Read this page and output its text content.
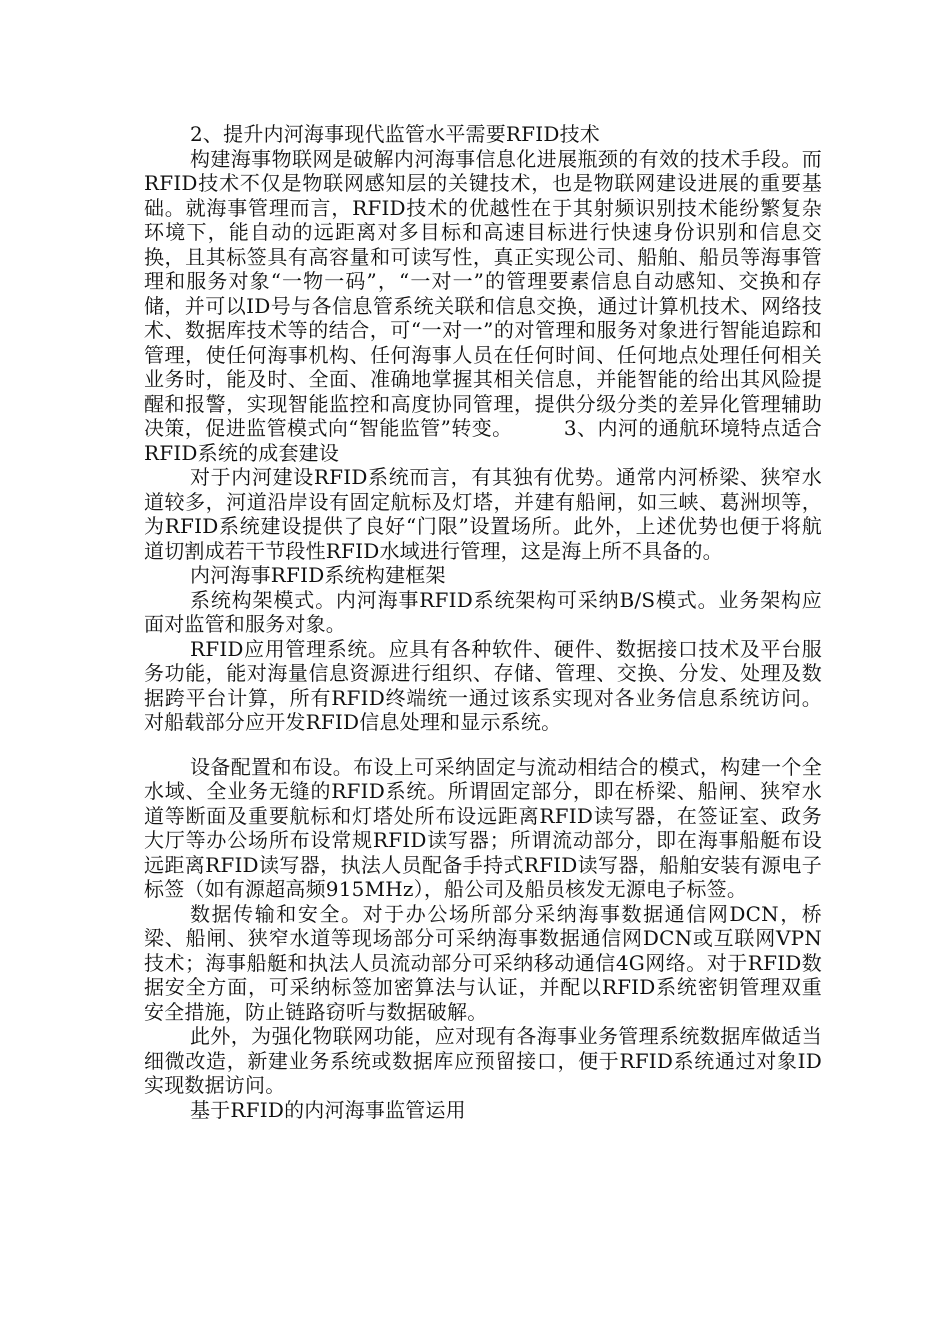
2、提升内河海事现代监管水平需要RFID技术

构建海事物联网是破解内河海事信息化进展瓶颈的有效的技术手段。而RFID技术不仅是物联网感知层的关键技术，也是物联网建设进展的重要基础。就海事管理而言，RFID技术的优越性在于其射频识别技术能纷繁复杂环境下，能自动的远距离对多目标和高速目标进行快速身份识别和信息交换，且其标签具有高容量和可读写性，真正实现公司、船舶、船员等海事管理和服务对象“一物一码”，“一对一”的管理要素信息自动感知、交换和存储，并可以ID号与各信息管系统关联和信息交换，通过计算机技术、网络技术、数据库技术等的结合，可“一对一”的对管理和服务对象进行智能追踪和管理，使任何海事机构、任何海事人员在任何时间、任何地点处理任何相关业务时，能及时、全面、准确地掌握其相关信息，并能智能的给出其风险提醒和报警，实现智能监控和高度协同管理，提供分级分类的差异化管理辅助决策，促进监管模式向“智能监管”转变。　　　3、内河的通航环境特点适合RFID系统的成套建设

对于内河建设RFID系统而言，有其独有优势。通常内河桥梁、狭窄水道较多，河道沿岸设有固定航标及灯塔，并建有船闸，如三峡、葛洲坝等，为RFID系统建设提供了良好“门限”设置场所。此外，上述优势也便于将航道切割成若干节段性RFID水域进行管理，这是海上所不具备的。

内河海事RFID系统构建框架

系统构架模式。内河海事RFID系统架构可采纳B/S模式。业务架构应面对监管和服务对象。

RFID应用管理系统。应具有各种软件、硬件、数据接口技术及平台服务功能，能对海量信息资源进行组织、存储、管理、交换、分发、处理及数据跨平台计算，所有RFID终端统一通过该系实现对各业务信息系统访问。对船载部分应开发RFID信息处理和显示系统。

设备配置和布设。布设上可采纳固定与流动相结合的模式，构建一个全水域、全业务无缝的RFID系统。所谓固定部分，即在桥梁、船闸、狭窄水道等断面及重要航标和灯塔处所布设远距离RFID读写器，在签证室、政务大厅等办公场所布设常规RFID读写器；所谓流动部分，即在海事船艇布设远距离RFID读写器，执法人员配备手持式RFID读写器，船舶安装有源电子标签（如有源超高频915MHz），船公司及船员核发无源电子标签。

数据传输和安全。对于办公场所部分采纳海事数据通信网DCN，桥梁、船闸、狭窄水道等现场部分可采纳海事数据通信网DCN或互联网VPN技术；海事船艇和执法人员流动部分可采纳移动通信4G网络。对于RFID数据安全方面，可采纳标签加密算法与认证，并配以RFID系统密钥管理双重安全措施，防止链路窃听与数据破解。

此外，为强化物联网功能，应对现有各海事业务管理系统数据库做适当细微改造，新建业务系统或数据库应预留接口，便于RFID系统通过对象ID实现数据访问。

基于RFID的内河海事监管运用
